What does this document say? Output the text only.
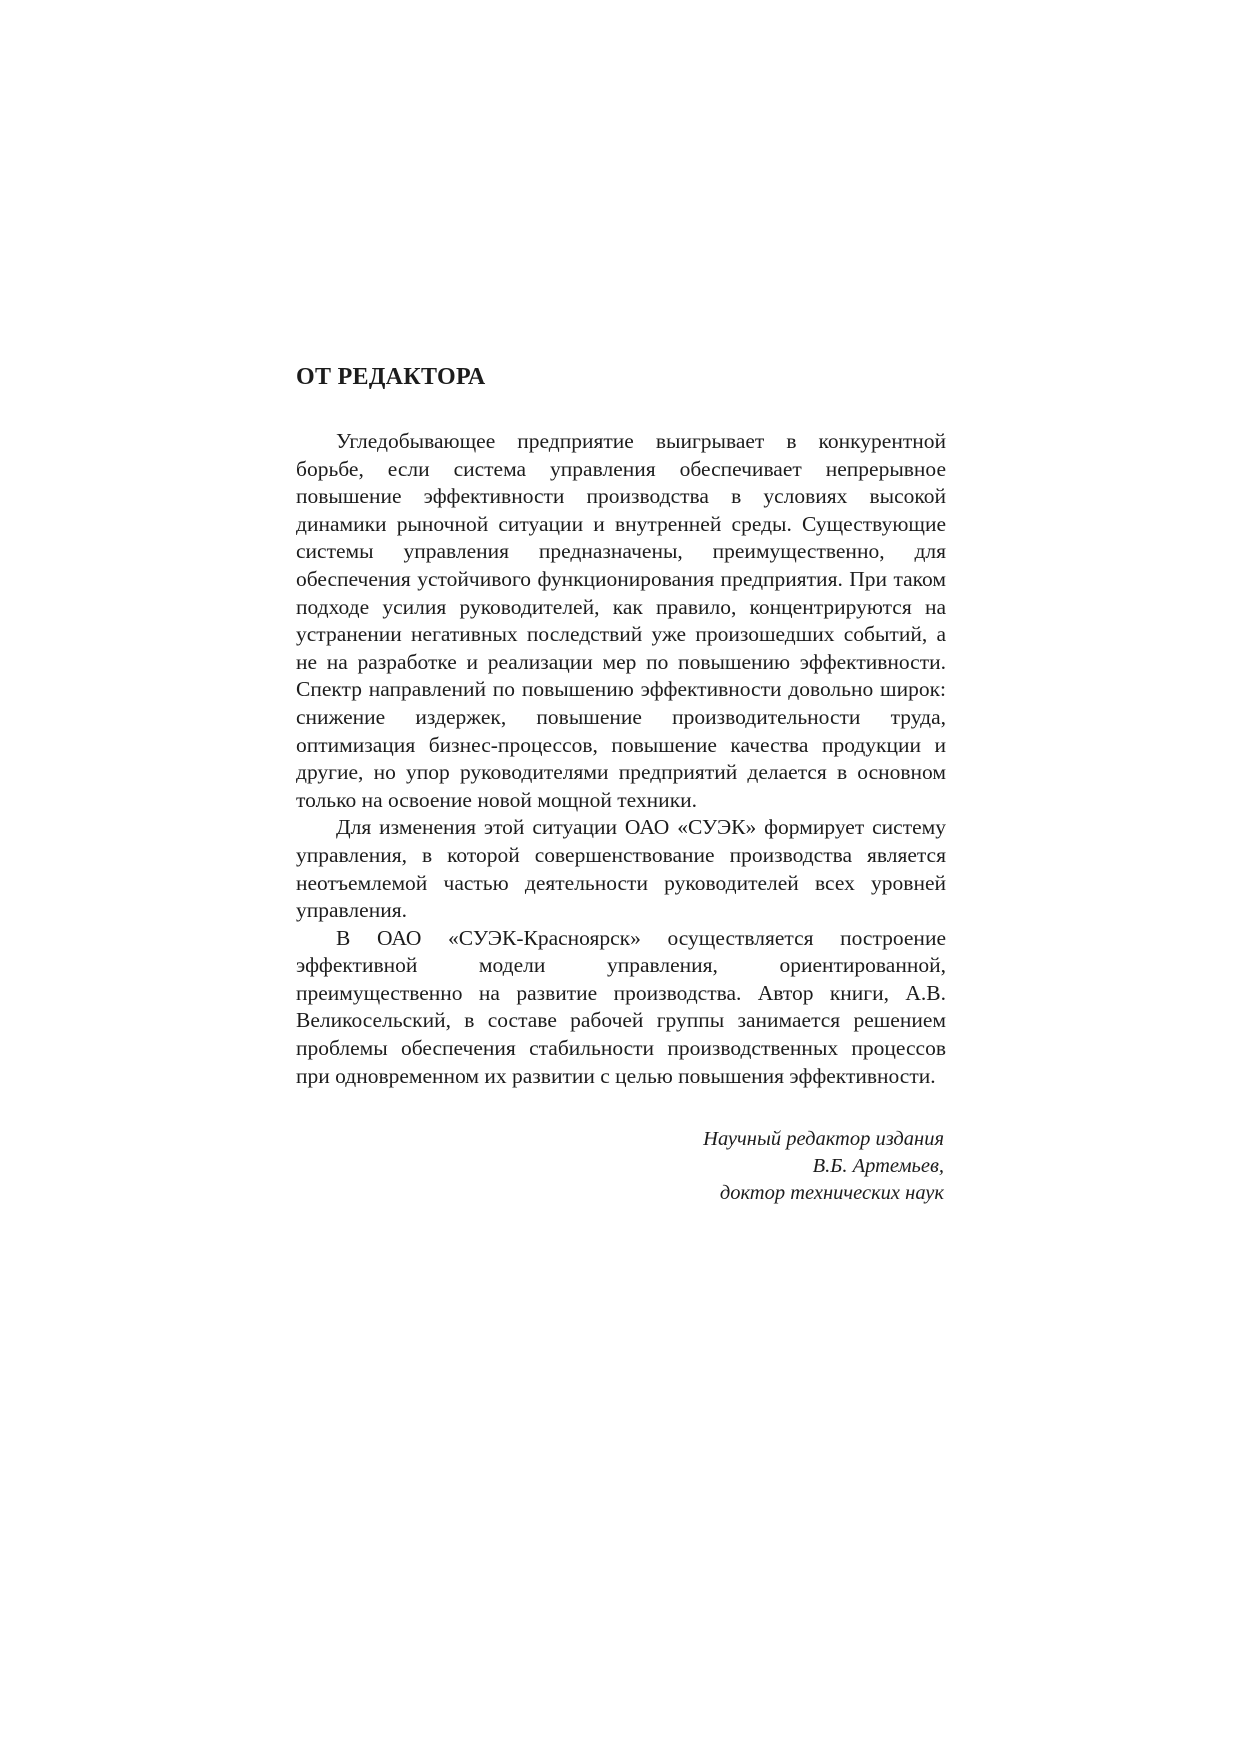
ОТ РЕДАКТОРА

Угледобывающее предприятие выигрывает в конкурентной борьбе, если система управления обеспечивает непрерывное повышение эффективности производства в условиях высокой динамики рыночной ситуации и внутренней среды. Существующие системы управления предназначены, преимущественно, для обеспечения устойчивого функционирования предприятия. При таком подходе усилия руководителей, как правило, концентрируются на устранении негативных последствий уже произошедших событий, а не на разработке и реализации мер по повышению эффективности. Спектр направлений по повышению эффективности довольно широк: снижение издержек, повышение производительности труда, оптимизация бизнес-процессов, повышение качества продукции и другие, но упор руководителями предприятий делается в основном только на освоение новой мощной техники.

Для изменения этой ситуации ОАО «СУЭК» формирует систему управления, в которой совершенствование производства является неотъемлемой частью деятельности руководителей всех уровней управления.

В ОАО «СУЭК-Красноярск» осуществляется построение эффективной модели управления, ориентированной, преимущественно на развитие производства. Автор книги, А.В. Великосельский, в составе рабочей группы занимается решением проблемы обеспечения стабильности производственных процессов при одновременном их развитии с целью повышения эффективности.

Научный редактор издания
В.Б. Артемьев,
доктор технических наук
